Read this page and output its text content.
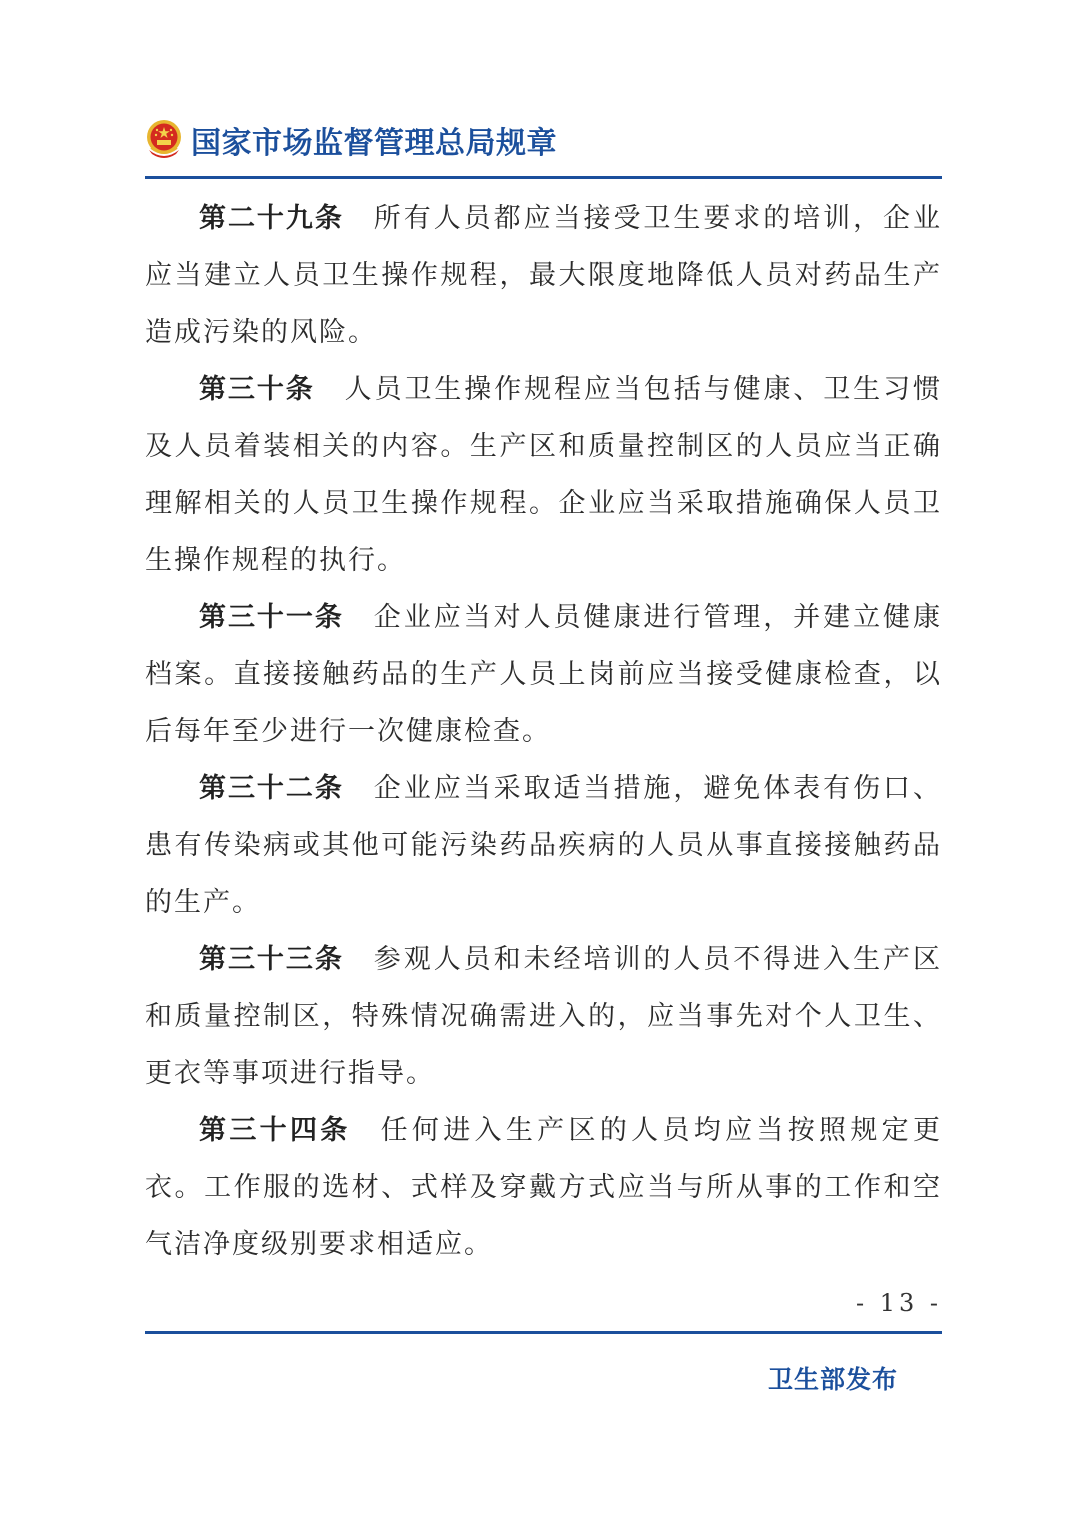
国家市场监督管理总局规章

第二十九条 所有人员都应当接受卫生要求的培训，企业应当建立人员卫生操作规程，最大限度地降低人员对药品生产造成污染的风险。

第三十条 人员卫生操作规程应当包括与健康、卫生习惯及人员着装相关的内容。生产区和质量控制区的人员应当正确理解相关的人员卫生操作规程。企业应当采取措施确保人员卫生操作规程的执行。

第三十一条 企业应当对人员健康进行管理，并建立健康档案。直接接触药品的生产人员上岗前应当接受健康检查，以后每年至少进行一次健康检查。

第三十二条 企业应当采取适当措施，避免体表有伤口、患有传染病或其他可能污染药品疾病的人员从事直接接触药品的生产。

第三十三条 参观人员和未经培训的人员不得进入生产区和质量控制区，特殊情况确需进入的，应当事先对个人卫生、更衣等事项进行指导。

第三十四条 任何进入生产区的人员均应当按照规定更衣。工作服的选材、式样及穿戴方式应当与所从事的工作和空气洁净度级别要求相适应。

- 13 -
卫生部发布
